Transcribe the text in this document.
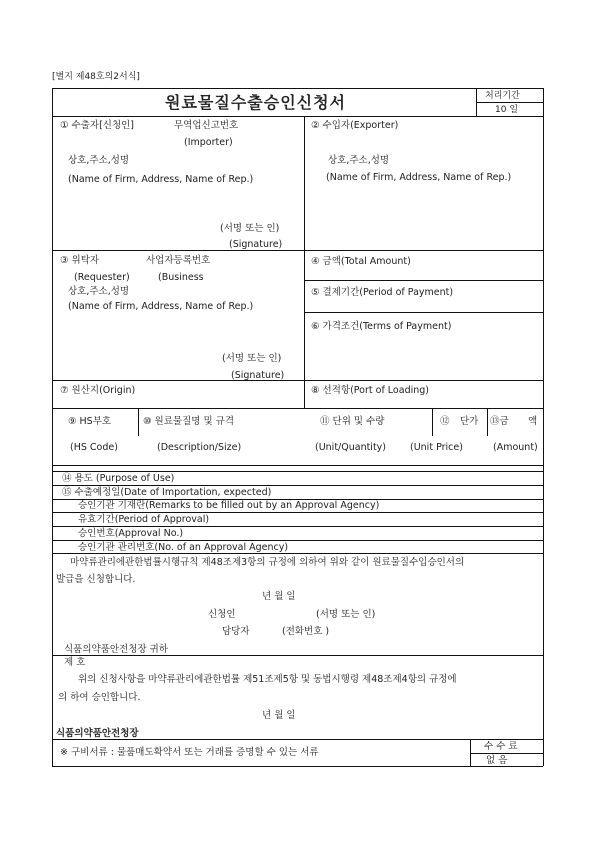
[별지 제48호의2서식]
원료물질수출승인신청서	처리기간
10 일
① 수출자[신청인]	무역업신고번호
(Importer)
상호,주소,성명
(Name of Firm, Address, Name of Rep.)
(서명 또는 인)
(Signature)
② 수입자(Exporter)
상호,주소,성명
(Name of Firm, Address, Name of Rep.)
③ 위탁자	사업자등록번호
(Requester)	(Business
상호,주소,성명
(Name of Firm, Address, Name of Rep.)
(서명 또는 인)
(Signature)
④ 금액(Total Amount)
⑤ 결제기간(Period of Payment)
⑥ 가격조건(Terms of Payment)
⑦ 원산지(Origin)	⑧ 선적항(Port of Loading)
⑨ HS부호	⑩ 원료물질명 및 규격	⑪ 단위 및 수량	⑫ 단가 ⑬금 액
(HS Code)	(Description/Size)	(Unit/Quantity)	(Unit Price)	(Amount)
⑭ 용도 (Purpose of Use)
⑮ 수출예정일(Date of Importation, expected)
승인기관 기재란(Remarks to be filled out by an Approval Agency)
유효기간(Period of Approval)
승인번호(Approval No.)
승인기관 관리번호(No. of an Approval Agency)
마약류관리에관한법률시행규칙 제48조제3항의 규정에 의하여 위와 같이 원료물질수입승인서의
발급을 신청합니다.
년 월 일
신청인	(서명 또는 인)
담당자	(전화번호 )
식품의약품안전청장 귀하
제 호
위의 신청사항을 마약류관리에관한법률 제51조제5항 및 동법시행령 제48조제4항의 규정에
의 하여 승인합니다.
년 월 일
식품의약품안전청장
※ 구비서류 : 물품매도확약서 또는 거래를 증명할 수 있는 서류
수 수 료
없 음
